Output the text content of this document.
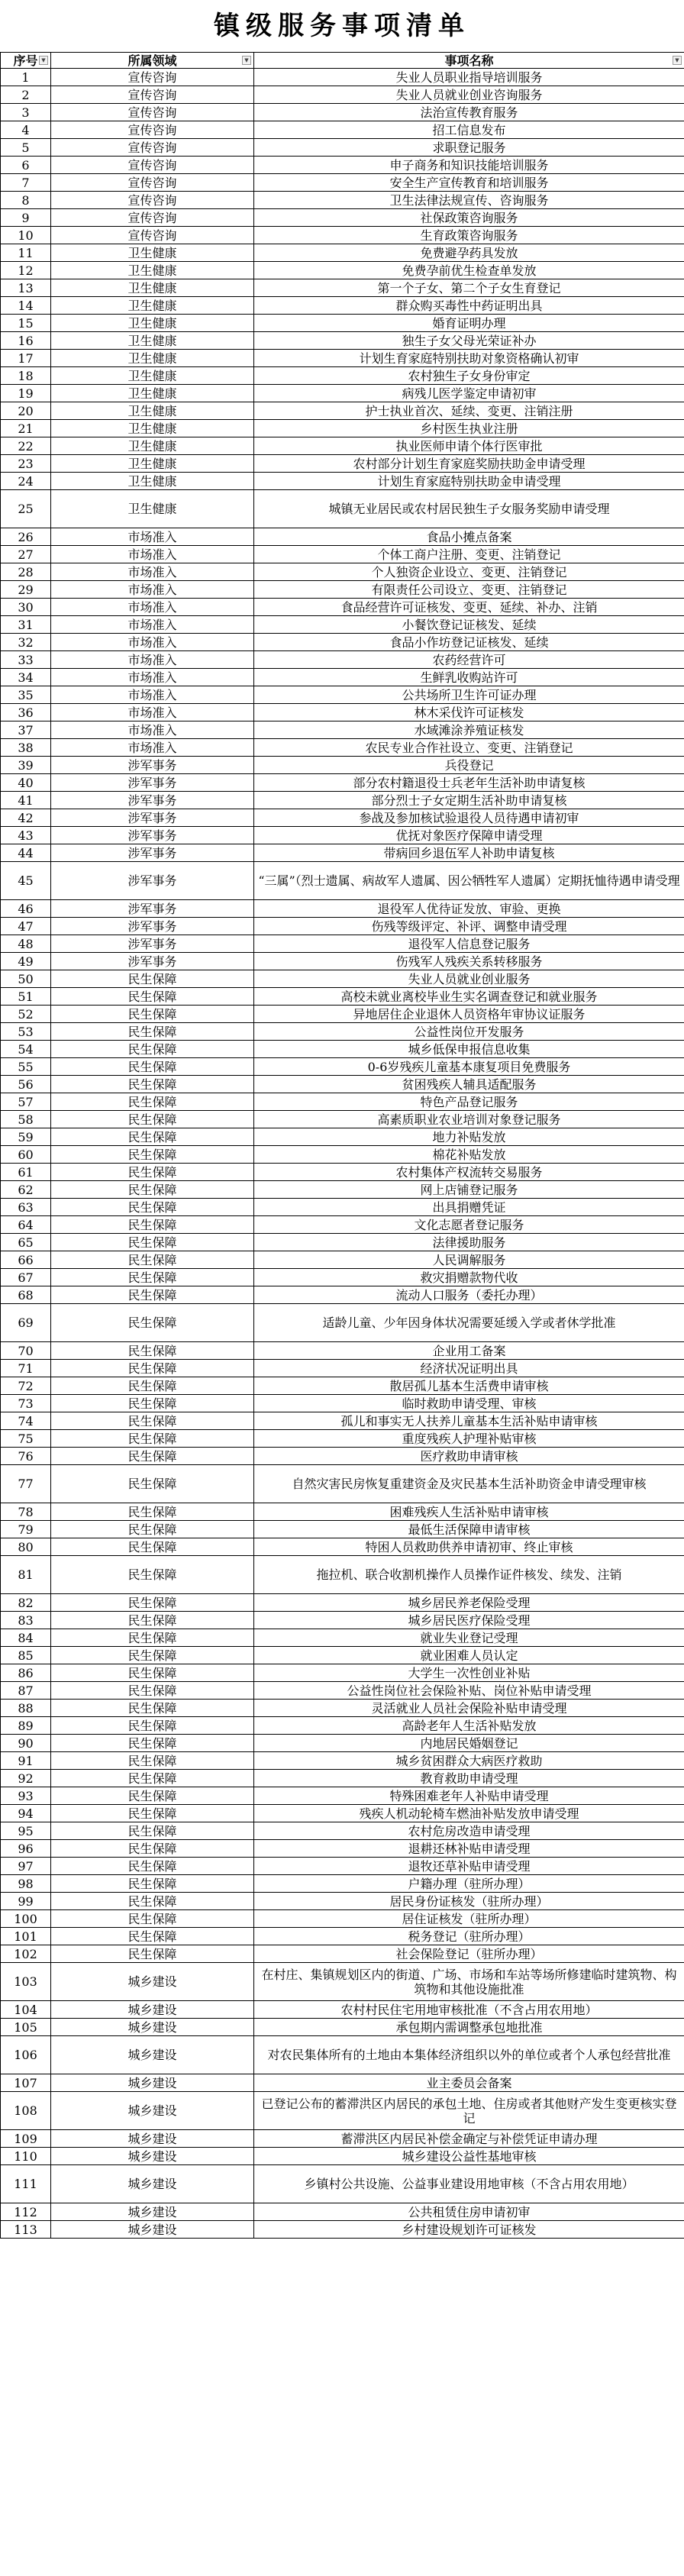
镇级服务事项清单
序号 ▼	所属领域 ▼	事项名称 ▼

1	宣传咨询	失业人员职业指导培训服务
2	宣传咨询	失业人员就业创业咨询服务
3	宣传咨询	法治宣传教育服务
4	宣传咨询	招工信息发布
5	宣传咨询	求职登记服务
6	宣传咨询	申子商务和知识技能培训服务
7	宣传咨询	安全生产宣传教育和培训服务
8	宣传咨询	卫生法律法规宣传、咨询服务
9	宣传咨询	社保政策咨询服务
10	宣传咨询	生育政策咨询服务
11	卫生健康	免费避孕药具发放
12	卫生健康	免费孕前优生检查单发放
13	卫生健康	第一个子女、第二个子女生育登记
14	卫生健康	群众购买毒性中药证明出具
15	卫生健康	婚育证明办理
16	卫生健康	独生子女父母光荣证补办
17	卫生健康	计划生育家庭特别扶助对象资格确认初审
18	卫生健康	农村独生子女身份审定
19	卫生健康	病残儿医学鉴定申请初审
20	卫生健康	护士执业首次、延续、变更、注销注册
21	卫生健康	乡村医生执业注册
22	卫生健康	执业医师申请个体行医审批
23	卫生健康	农村部分计划生育家庭奖励扶助金申请受理
24	卫生健康	计划生育家庭特别扶助金申请受理
25	卫生健康	城镇无业居民或农村居民独生子女服务奖励申请受理
26	市场准入	食品小摊点备案
27	市场准入	个体工商户注册、变更、注销登记
28	市场准入	个人独资企业设立、变更、注销登记
29	市场准入	有限责任公司设立、变更、注销登记
30	市场准入	食品经营许可证核发、变更、延续、补办、注销
31	市场准入	小餐饮登记证核发、延续
32	市场准入	食品小作坊登记证核发、延续
33	市场准入	农药经营许可
34	市场准入	生鲜乳收购站许可
35	市场准入	公共场所卫生许可证办理
36	市场准入	林木采伐许可证核发
37	市场准入	水域滩涂养殖证核发
38	市场准入	农民专业合作社设立、变更、注销登记
39	涉军事务	兵役登记
40	涉军事务	部分农村籍退役士兵老年生活补助申请复核
41	涉军事务	部分烈士子女定期生活补助申请复核
42	涉军事务	参战及参加核试验退役人员待遇申请初审
43	涉军事务	优抚对象医疗保障申请受理
44	涉军事务	带病回乡退伍军人补助申请复核
45	涉军事务	“三属”（烈士遗属、病故军人遗属、因公牺牲军人遗属）定期抚恤待遇申请受理
46	涉军事务	退役军人优待证发放、审验、更换
47	涉军事务	伤残等级评定、补评、调整申请受理
48	涉军事务	退役军人信息登记服务
49	涉军事务	伤残军人残疾关系转移服务
50	民生保障	失业人员就业创业服务
51	民生保障	高校未就业离校毕业生实名调查登记和就业服务
52	民生保障	异地居住企业退休人员资格年审协议证服务
53	民生保障	公益性岗位开发服务
54	民生保障	城乡低保申报信息收集
55	民生保障	0-6岁残疾儿童基本康复项目免费服务
56	民生保障	贫困残疾人辅具适配服务
57	民生保障	特色产品登记服务
58	民生保障	高素质职业农业培训对象登记服务
59	民生保障	地力补贴发放
60	民生保障	棉花补贴发放
61	民生保障	农村集体产权流转交易服务
62	民生保障	网上店铺登记服务
63	民生保障	出具捐赠凭证
64	民生保障	文化志愿者登记服务
65	民生保障	法律援助服务
66	民生保障	人民调解服务
67	民生保障	救灾捐赠款物代收
68	民生保障	流动人口服务（委托办理）
69	民生保障	适龄儿童、少年因身体状况需要延缓入学或者休学批准
70	民生保障	企业用工备案
71	民生保障	经济状况证明出具
72	民生保障	散居孤儿基本生活费申请审核
73	民生保障	临时救助申请受理、审核
74	民生保障	孤儿和事实无人扶养儿童基本生活补贴申请审核
75	民生保障	重度残疾人护理补贴审核
76	民生保障	医疗救助申请审核
77	民生保障	自然灾害民房恢复重建资金及灾民基本生活补助资金申请受理审核
78	民生保障	困难残疾人生活补贴申请审核
79	民生保障	最低生活保障申请审核
80	民生保障	特困人员救助供养申请初审、终止审核
81	民生保障	拖拉机、联合收割机操作人员操作证件核发、续发、注销
82	民生保障	城乡居民养老保险受理
83	民生保障	城乡居民医疗保险受理
84	民生保障	就业失业登记受理
85	民生保障	就业困难人员认定
86	民生保障	大学生一次性创业补贴
87	民生保障	公益性岗位社会保险补贴、岗位补贴申请受理
88	民生保障	灵活就业人员社会保险补贴申请受理
89	民生保障	高龄老年人生活补贴发放
90	民生保障	内地居民婚姻登记
91	民生保障	城乡贫困群众大病医疗救助
92	民生保障	教育救助申请受理
93	民生保障	特殊困难老年人补贴申请受理
94	民生保障	残疾人机动轮椅车燃油补贴发放申请受理
95	民生保障	农村危房改造申请受理
96	民生保障	退耕还林补贴申请受理
97	民生保障	退牧还草补贴申请受理
98	民生保障	户籍办理（驻所办理）
99	民生保障	居民身份证核发（驻所办理）
100	民生保障	居住证核发（驻所办理）
101	民生保障	税务登记（驻所办理）
102	民生保障	社会保险登记（驻所办理）
103	城乡建设	在村庄、集镇规划区内的街道、广场、市场和车站等场所修建临时建筑物、构筑物和其他设施批准
104	城乡建设	农村村民住宅用地审核批准（不含占用农用地）
105	城乡建设	承包期内需调整承包地批准
106	城乡建设	对农民集体所有的土地由本集体经济组织以外的单位或者个人承包经营批准
107	城乡建设	业主委员会备案
108	城乡建设	已登记公布的蓄滞洪区内居民的承包土地、住房或者其他财产发生变更核实登记
109	城乡建设	蓄滞洪区内居民补偿金确定与补偿凭证申请办理
110	城乡建设	城乡建设公益性基地审核
111	城乡建设	乡镇村公共设施、公益事业建设用地审核（不含占用农用地）
112	城乡建设	公共租赁住房申请初审
113	城乡建设	乡村建设规划许可证核发
